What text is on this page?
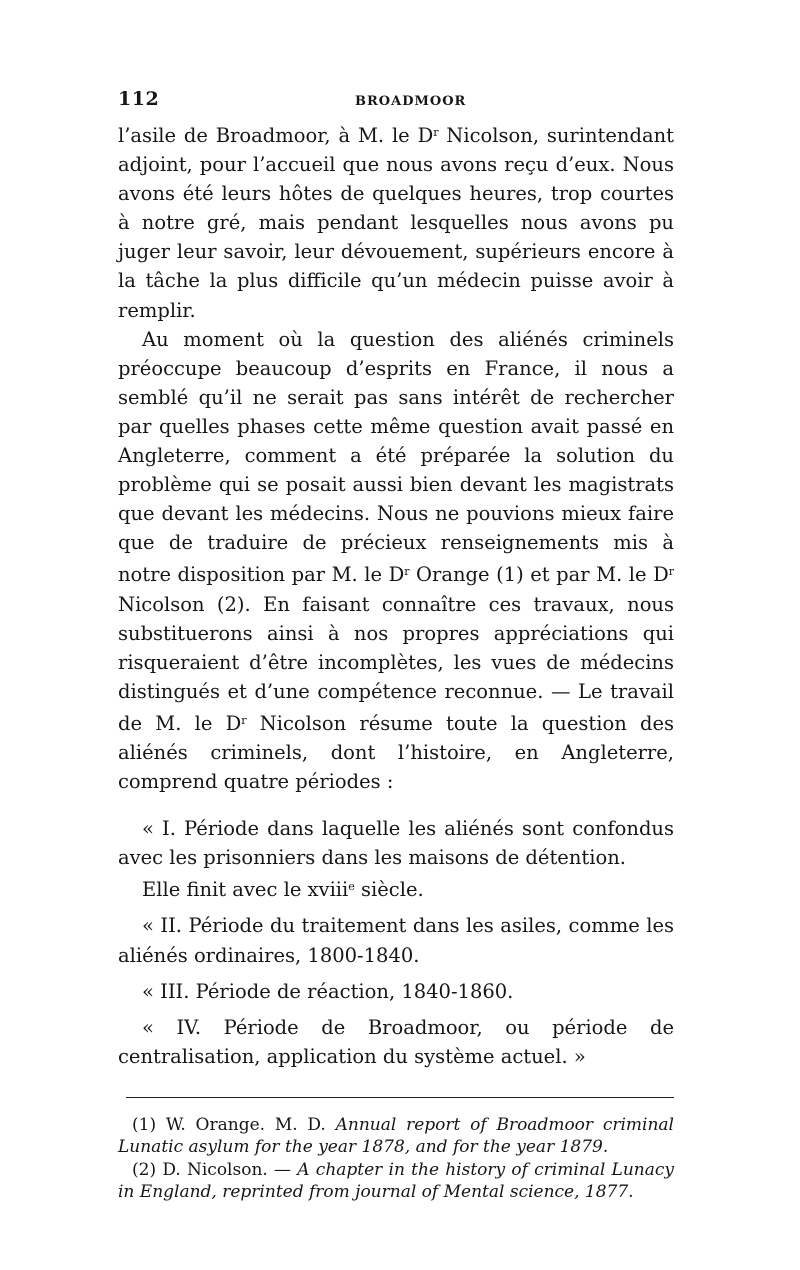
112	BROADMOOR

l’asile de Broadmoor, à M. le $D^r$ Nicolson, surintendant adjoint, pour l’accueil que nous avons reçu d’eux. Nous avons été leurs hôtes de quelques heures, trop courtes à notre gré, mais pendant lesquelles nous avons pu juger leur savoir, leur dévouement, supérieurs encore à la tâche la plus difficile qu’un médecin puisse avoir à remplir.

Au moment où la question des aliénés criminels préoccupe beaucoup d’esprits en France, il nous a semblé qu’il ne serait pas sans intérêt de rechercher par quelles phases cette même question avait passé en Angleterre, comment a été préparée la solution du problème qui se posait aussi bien devant les magistrats que devant les médecins. Nous ne pouvions mieux faire que de traduire de précieux renseignements mis à notre disposition par M. le $D^r$ Orange (1) et par M. le $D^r$ Nicolson (2). En faisant connaître ces travaux, nous substituerons ainsi à nos propres appréciations qui risqueraient d’être incomplètes, les vues de médecins distingués et d’une compétence reconnue. — Le travail de M. le $D^r$ Nicolson résume toute la question des aliénés criminels, dont l’histoire, en Angleterre, comprend quatre périodes :

« I. Période dans laquelle les aliénés sont confondus avec les prisonniers dans les maisons de détention.

Elle finit avec le xviii$^e$ siècle.

« II. Période du traitement dans les asiles, comme les aliénés ordinaires, 1800-1840.

« III. Période de réaction, 1840-1860.

« IV. Période de Broadmoor, ou période de centralisation, application du système actuel. »

(1) W. Orange. M. D. Annual report of Broadmoor criminal Lunatic asylum for the year 1878, and for the year 1879.

(2) D. Nicolson. — A chapter in the history of criminal Lunacy in England, reprinted from journal of Mental science, 1877.
